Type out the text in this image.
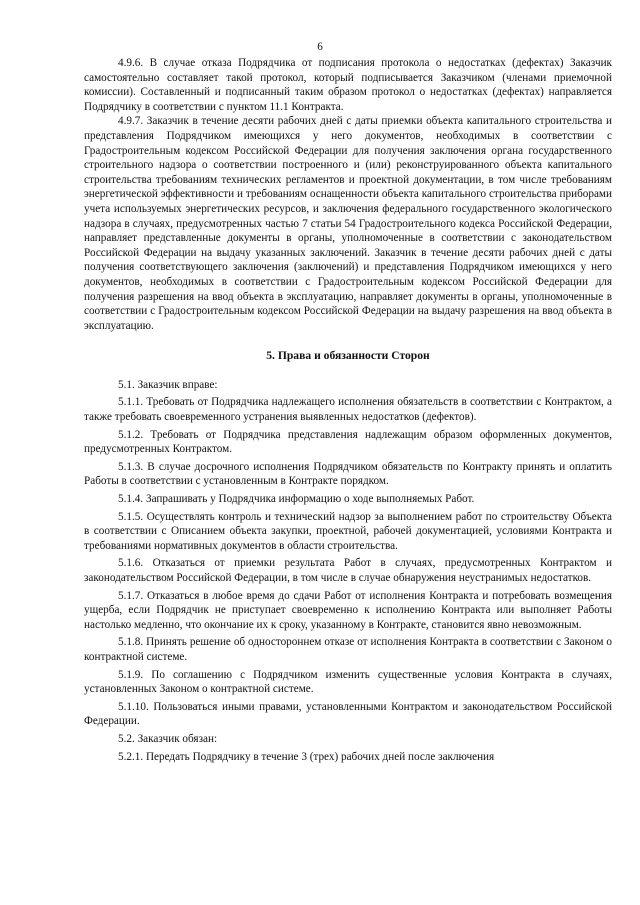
6

4.9.6. В случае отказа Подрядчика от подписания протокола о недостатках (дефектах) Заказчик самостоятельно составляет такой протокол, который подписывается Заказчиком (членами приемочной комиссии). Составленный и подписанный таким образом протокол о недостатках (дефектах) направляется Подрядчику в соответствии с пунктом 11.1 Контракта.

4.9.7. Заказчик в течение десяти рабочих дней с даты приемки объекта капитального строительства и представления Подрядчиком имеющихся у него документов, необходимых в соответствии с Градостроительным кодексом Российской Федерации для получения заключения органа государственного строительного надзора о соответствии построенного и (или) реконструированного объекта капитального строительства требованиям технических регламентов и проектной документации, в том числе требованиям энергетической эффективности и требованиям оснащенности объекта капитального строительства приборами учета используемых энергетических ресурсов, и заключения федерального государственного экологического надзора в случаях, предусмотренных частью 7 статьи 54 Градостроительного кодекса Российской Федерации, направляет представленные документы в органы, уполномоченные в соответствии с законодательством Российской Федерации на выдачу указанных заключений. Заказчик в течение десяти рабочих дней с даты получения соответствующего заключения (заключений) и представления Подрядчиком имеющихся у него документов, необходимых в соответствии с Градостроительным кодексом Российской Федерации для получения разрешения на ввод объекта в эксплуатацию, направляет документы в органы, уполномоченные в соответствии с Градостроительным кодексом Российской Федерации на выдачу разрешения на ввод объекта в эксплуатацию.

5. Права и обязанности Сторон

5.1. Заказчик вправе:

5.1.1. Требовать от Подрядчика надлежащего исполнения обязательств в соответствии с Контрактом, а также требовать своевременного устранения выявленных недостатков (дефектов).

5.1.2. Требовать от Подрядчика представления надлежащим образом оформленных документов, предусмотренных Контрактом.

5.1.3. В случае досрочного исполнения Подрядчиком обязательств по Контракту принять и оплатить Работы в соответствии с установленным в Контракте порядком.

5.1.4. Запрашивать у Подрядчика информацию о ходе выполняемых Работ.

5.1.5. Осуществлять контроль и технический надзор за выполнением работ по строительству Объекта в соответствии с Описанием объекта закупки, проектной, рабочей документацией, условиями Контракта и требованиями нормативных документов в области строительства.

5.1.6. Отказаться от приемки результата Работ в случаях, предусмотренных Контрактом и законодательством Российской Федерации, в том числе в случае обнаружения неустранимых недостатков.

5.1.7. Отказаться в любое время до сдачи Работ от исполнения Контракта и потребовать возмещения ущерба, если Подрядчик не приступает своевременно к исполнению Контракта или выполняет Работы настолько медленно, что окончание их к сроку, указанному в Контракте, становится явно невозможным.

5.1.8. Принять решение об одностороннем отказе от исполнения Контракта в соответствии с Законом о контрактной системе.

5.1.9. По соглашению с Подрядчиком изменить существенные условия Контракта в случаях, установленных Законом о контрактной системе.

5.1.10. Пользоваться иными правами, установленными Контрактом и законодательством Российской Федерации.

5.2. Заказчик обязан:

5.2.1. Передать Подрядчику в течение 3 (трех) рабочих дней после заключения
